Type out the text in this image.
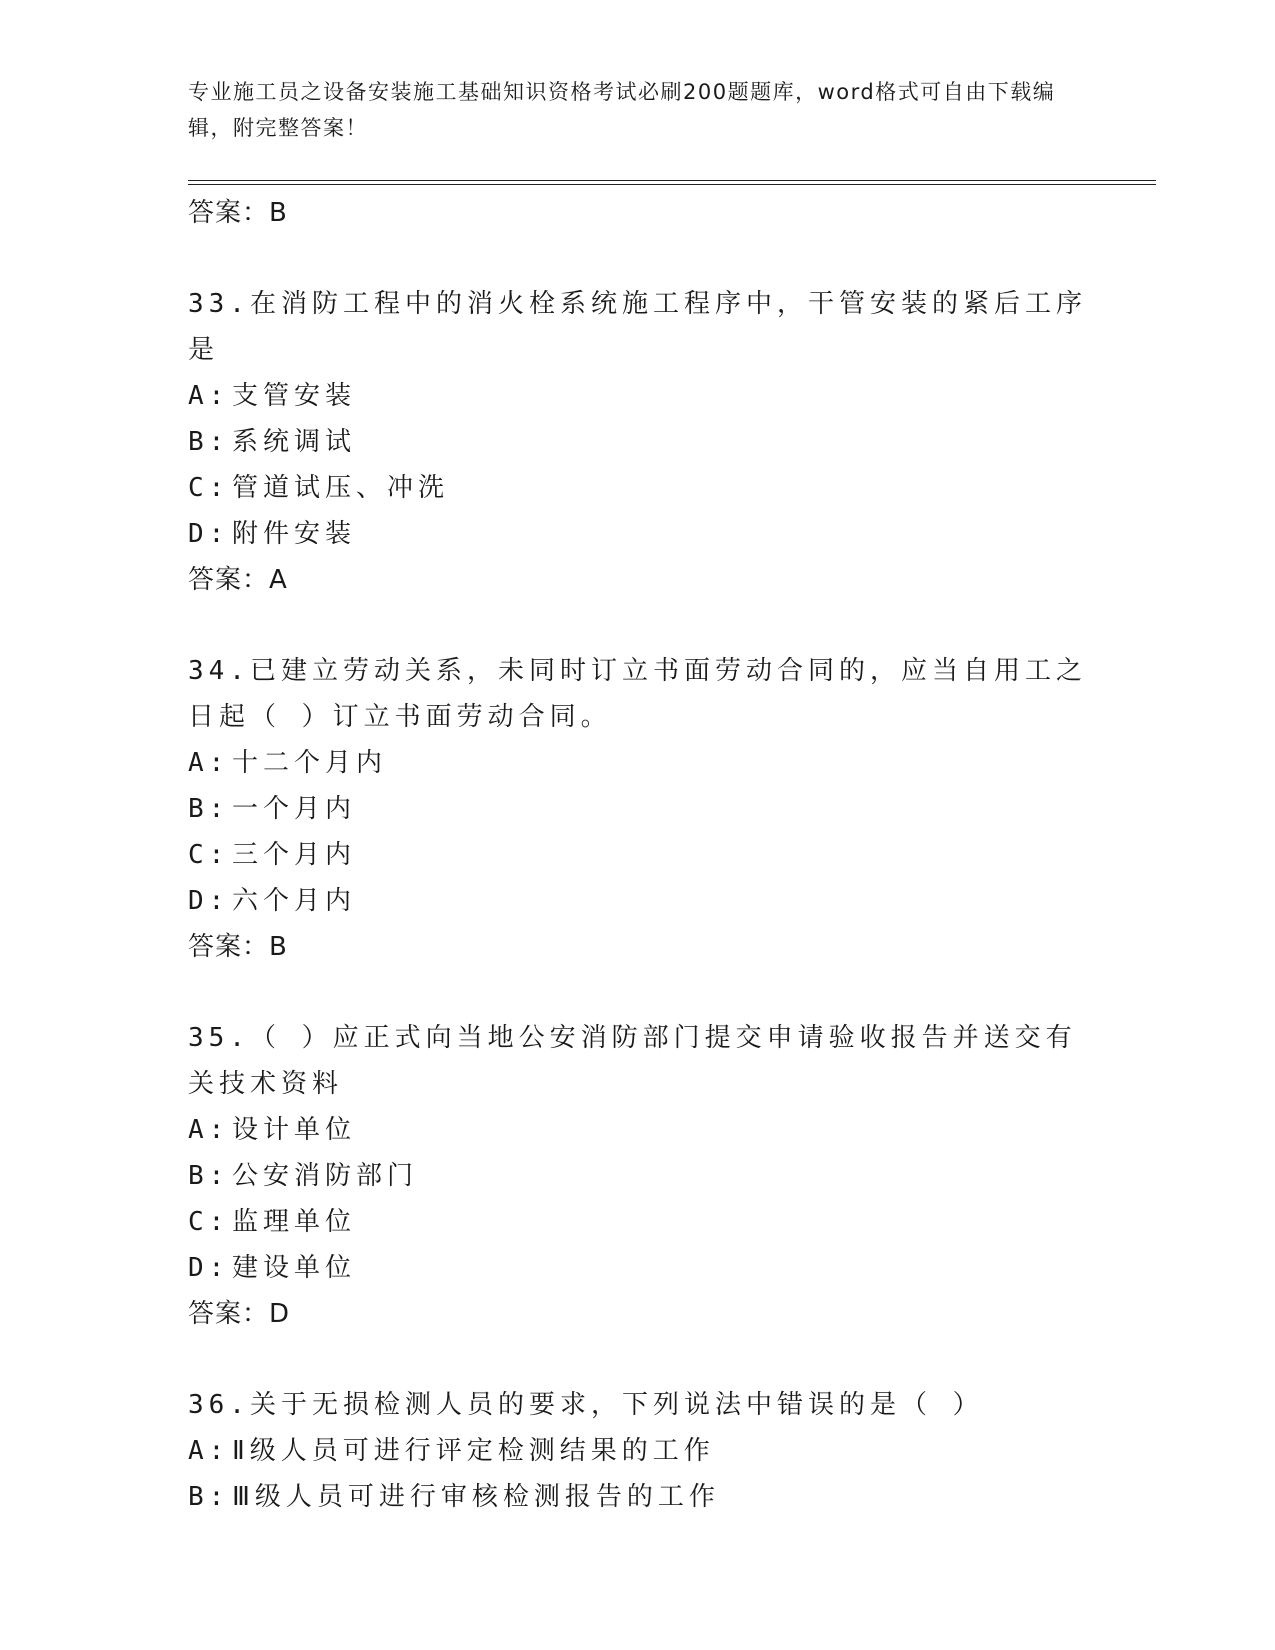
专业施工员之设备安装施工基础知识资格考试必刷200题题库，word格式可自由下载编辑，附完整答案！
答案：B
33.在消防工程中的消火栓系统施工程序中，干管安装的紧后工序是
A: 支管安装
B: 系统调试
C: 管道试压、冲洗
D: 附件安装
答案：A
34.已建立劳动关系，未同时订立书面劳动合同的，应当自用工之日起（ ）订立书面劳动合同。
A: 十二个月内
B: 一个月内
C: 三个月内
D: 六个月内
答案：B
35.（ ）应正式向当地公安消防部门提交申请验收报告并送交有关技术资料
A: 设计单位
B: 公安消防部门
C: 监理单位
D: 建设单位
答案：D
36.关于无损检测人员的要求，下列说法中错误的是（ ）
A: Ⅱ级人员可进行评定检测结果的工作
B: Ⅲ级人员可进行审核检测报告的工作
